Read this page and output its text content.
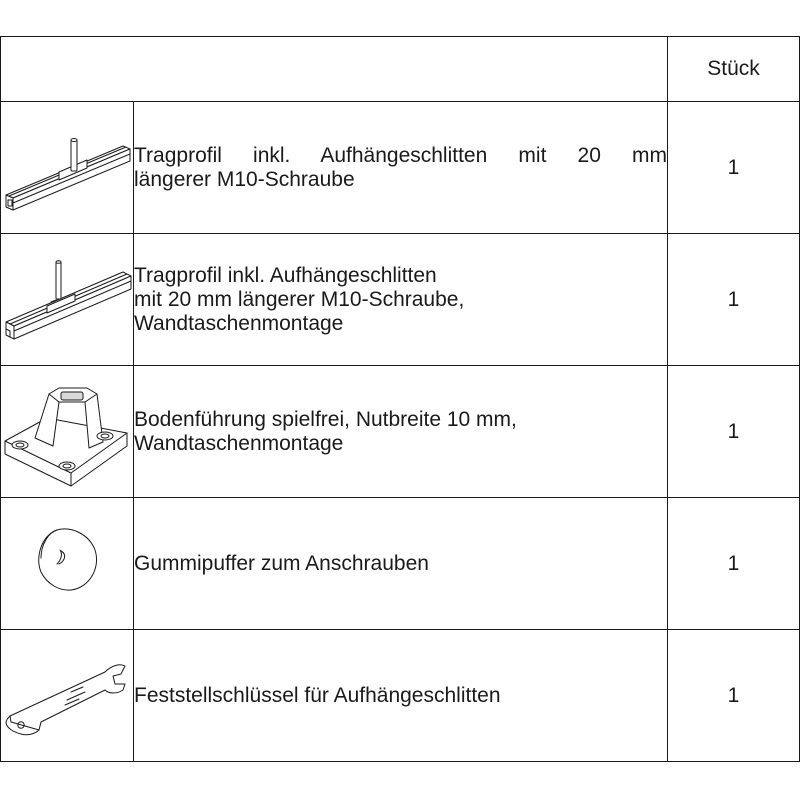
		Stück

Tragprofil inkl. Aufhängeschlitten mit 20 mm
längerer M10-Schraube	1

Tragprofil inkl. Aufhängeschlitten
mit 20 mm längerer M10-Schraube,
Wandtaschenmontage	1

Bodenführung spielfrei, Nutbreite 10 mm,
Wandtaschenmontage	1

Gummipuffer zum Anschrauben	1

Feststellschlüssel für Aufhängeschlitten	1
